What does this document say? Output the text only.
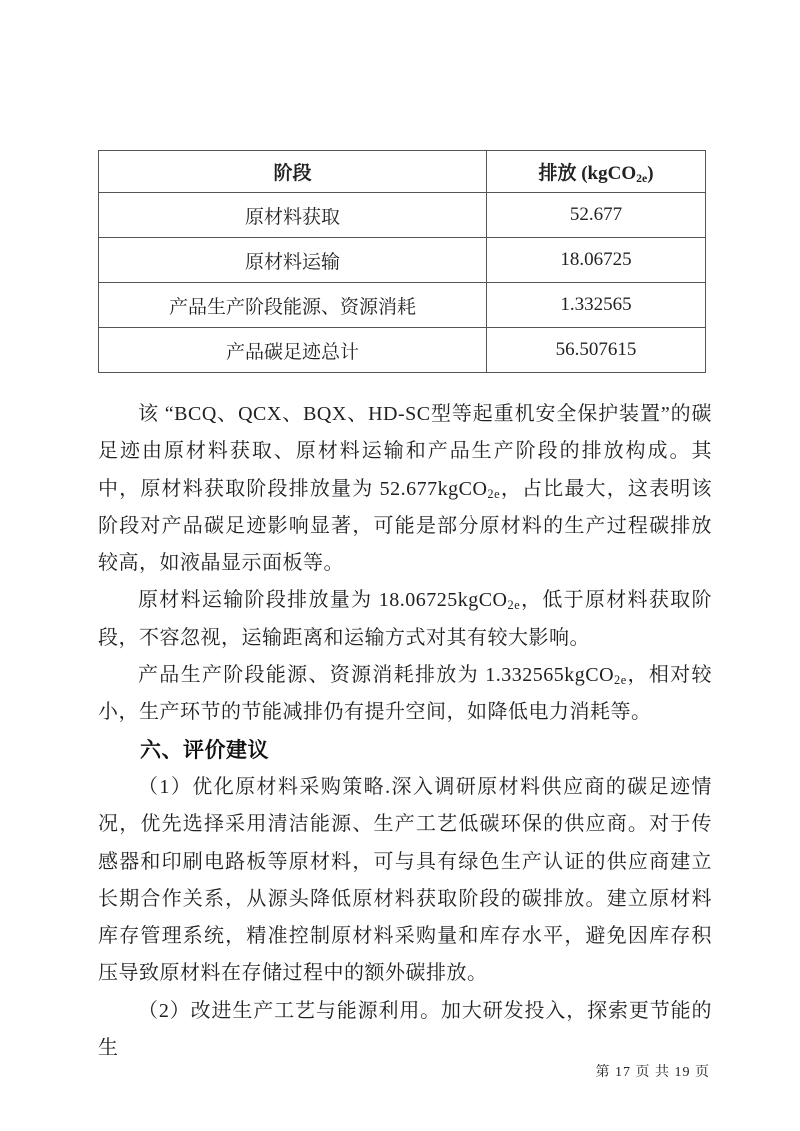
阶段	排放 (kgCO$_{2e}$)
原材料获取	52.677
原材料运输	18.06725
产品生产阶段能源、资源消耗	1.332565
产品碳足迹总计	56.507615

该 “BCQ、QCX、BQX、HD-SC型等起重机安全保护装置”的碳足迹由原材料获取、原材料运输和产品生产阶段的排放构成。其中，原材料获取阶段排放量为 52.677kgCO$_{2e}$，占比最大，这表明该阶段对产品碳足迹影响显著，可能是部分原材料的生产过程碳排放较高，如液晶显示面板等。

原材料运输阶段排放量为 18.06725kgCO$_{2e}$，低于原材料获取阶段，不容忽视，运输距离和运输方式对其有较大影响。

产品生产阶段能源、资源消耗排放为 1.332565kgCO$_{2e}$，相对较小，生产环节的节能减排仍有提升空间，如降低电力消耗等。

六、评价建议

（1）优化原材料采购策略.深入调研原材料供应商的碳足迹情况，优先选择采用清洁能源、生产工艺低碳环保的供应商。对于传感器和印刷电路板等原材料，可与具有绿色生产认证的供应商建立长期合作关系，从源头降低原材料获取阶段的碳排放。建立原材料库存管理系统，精准控制原材料采购量和库存水平，避免因库存积压导致原材料在存储过程中的额外碳排放。

（2）改进生产工艺与能源利用。加大研发投入，探索更节能的生

第 17 页 共 19 页
